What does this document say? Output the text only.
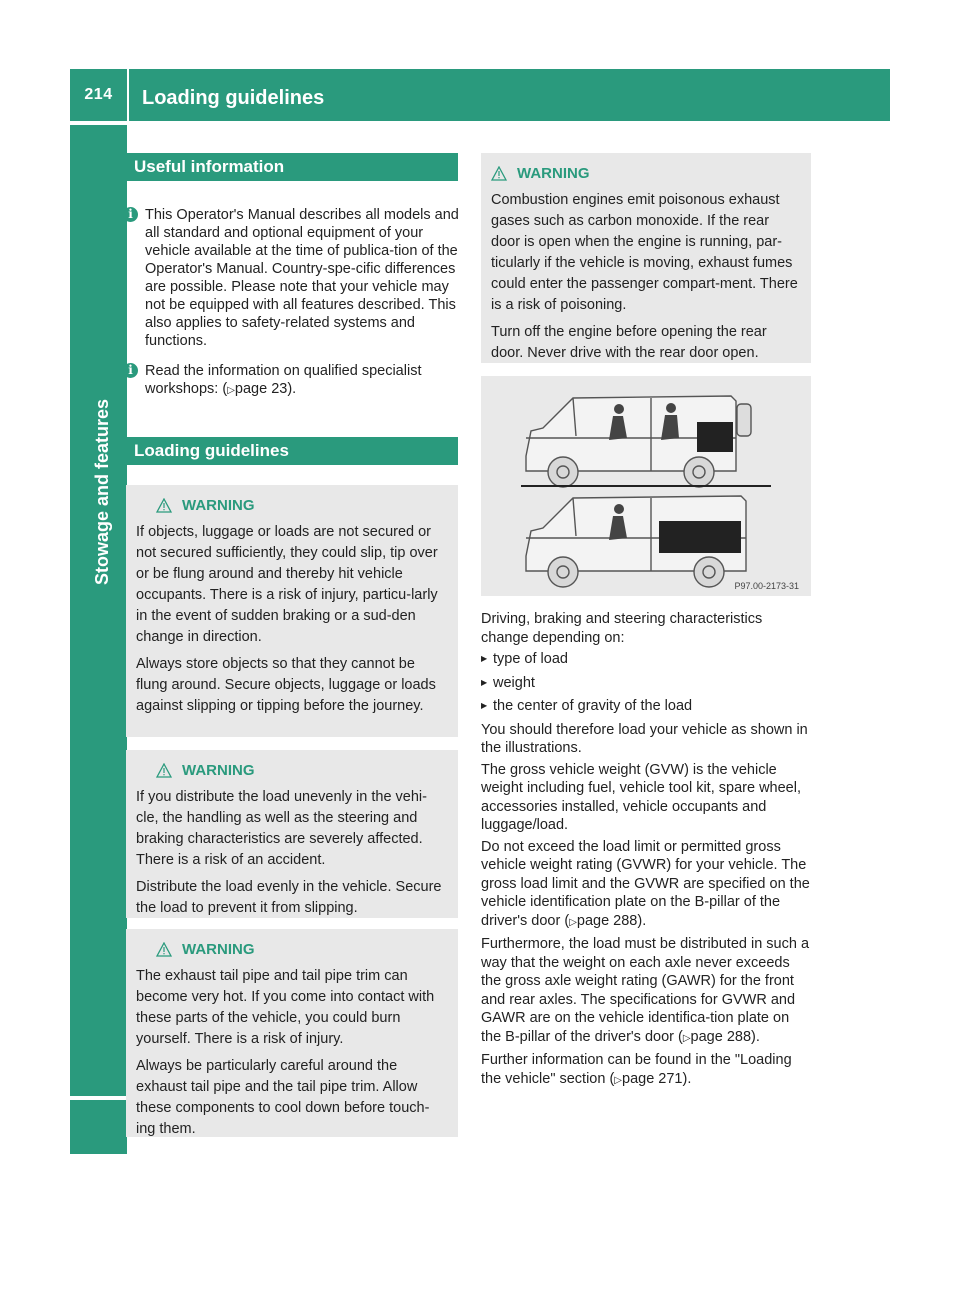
214	Loading guidelines
Stowage and features
Useful information
i This Operator's Manual describes all models and all standard and optional equipment of your vehicle available at the time of publica-tion of the Operator's Manual. Country-spe-cific differences are possible. Please note that your vehicle may not be equipped with all features described. This also applies to safety-related systems and functions.
i Read the information on qualified specialist workshops: (▷page 23).
Loading guidelines
WARNING

If objects, luggage or loads are not secured or not secured sufficiently, they could slip, tip over or be flung around and thereby hit vehicle occupants. There is a risk of injury, particu-larly in the event of sudden braking or a sud-den change in direction.

Always store objects so that they cannot be flung around. Secure objects, luggage or loads against slipping or tipping before the journey.

WARNING

If you distribute the load unevenly in the vehi-cle, the handling as well as the steering and braking characteristics are severely affected. There is a risk of an accident.

Distribute the load evenly in the vehicle. Secure the load to prevent it from slipping.

WARNING

The exhaust tail pipe and tail pipe trim can become very hot. If you come into contact with these parts of the vehicle, you could burn yourself. There is a risk of injury.

Always be particularly careful around the exhaust tail pipe and the tail pipe trim. Allow these components to cool down before touch-ing them.

WARNING

Combustion engines emit poisonous exhaust gases such as carbon monoxide. If the rear door is open when the engine is running, par-ticularly if the vehicle is moving, exhaust fumes could enter the passenger compart-ment. There is a risk of poisoning.

Turn off the engine before opening the rear door. Never drive with the rear door open.

P97.00-2173-31

Driving, braking and steering characteristics change depending on:

▶ type of load
▶ weight
▶ the center of gravity of the load

You should therefore load your vehicle as shown in the illustrations.

The gross vehicle weight (GVW) is the vehicle weight including fuel, vehicle tool kit, spare wheel, accessories installed, vehicle occupants and luggage/load.

Do not exceed the load limit or permitted gross vehicle weight rating (GVWR) for your vehicle. The gross load limit and the GVWR are specified on the vehicle identification plate on the B-pillar of the driver's door (▷page 288).

Furthermore, the load must be distributed in such a way that the weight on each axle never exceeds the gross axle weight rating (GAWR) for the front and rear axles. The specifications for GVWR and GAWR are on the vehicle identifica-tion plate on the B-pillar of the driver's door (▷page 288).

Further information can be found in the "Loading the vehicle" section (▷page 271).
